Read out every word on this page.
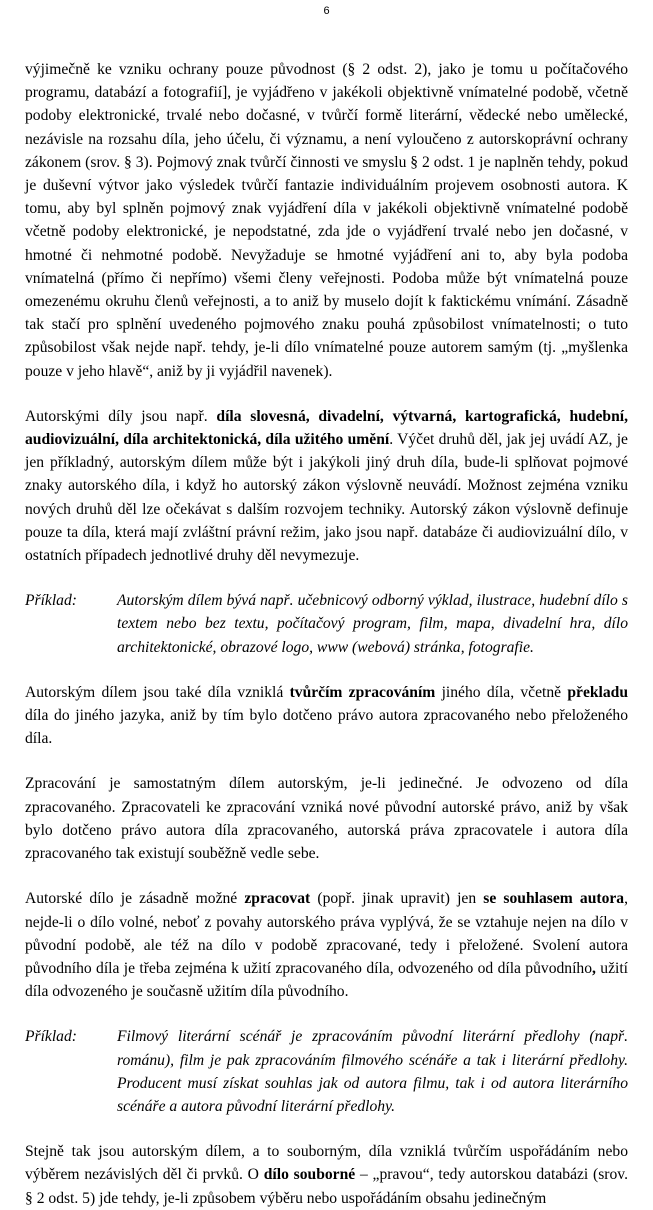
6

výjimečně ke vzniku ochrany pouze původnost (§ 2 odst. 2), jako je tomu u počítačového programu, databází a fotografií], je vyjádřeno v jakékoli objektivně vnímatelné podobě, včetně podoby elektronické, trvalé nebo dočasné, v tvůrčí formě literární, vědecké nebo umělecké, nezávisle na rozsahu díla, jeho účelu, či významu, a není vyloučeno z autorskoprávní ochrany zákonem (srov. § 3). Pojmový znak tvůrčí činnosti ve smyslu § 2 odst. 1 je naplněn tehdy, pokud je duševní výtvor jako výsledek tvůrčí fantazie individuálním projevem osobnosti autora. K tomu, aby byl splněn pojmový znak vyjádření díla v jakékoli objektivně vnímatelné podobě včetně podoby elektronické, je nepodstatné, zda jde o vyjádření trvalé nebo jen dočasné, v hmotné či nehmotné podobě. Nevyžaduje se hmotné vyjádření ani to, aby byla podoba vnímatelná (přímo či nepřímo) všemi členy veřejnosti. Podoba může být vnímatelná pouze omezenému okruhu členů veřejnosti, a to aniž by muselo dojít k faktickému vnímání. Zásadně tak stačí pro splnění uvedeného pojmového znaku pouhá způsobilost vnímatelnosti; o tuto způsobilost však nejde např. tehdy, je-li dílo vnímatelné pouze autorem samým (tj. „myšlenka pouze v jeho hlavě“, aniž by ji vyjádřil navenek).

Autorskými díly jsou např. díla slovesná, divadelní, výtvarná, kartografická, hudební, audiovizuální, díla architektonická, díla užitého umění. Výčet druhů děl, jak jej uvádí AZ, je jen příkladný, autorským dílem může být i jakýkoli jiný druh díla, bude-li splňovat pojmové znaky autorského díla, i když ho autorský zákon výslovně neuvádí. Možnost zejména vzniku nových druhů děl lze očekávat s dalším rozvojem techniky. Autorský zákon výslovně definuje pouze ta díla, která mají zvláštní právní režim, jako jsou např. databáze či audiovizuální dílo, v ostatních případech jednotlivé druhy děl nevymezuje.

Příklad:	Autorským dílem bývá např. učebnicový odborný výklad, ilustrace, hudební dílo s textem nebo bez textu, počítačový program, film, mapa, divadelní hra, dílo architektonické, obrazové logo, www (webová) stránka, fotografie.

Autorským dílem jsou také díla vzniklá tvůrčím zpracováním jiného díla, včetně překladu díla do jiného jazyka, aniž by tím bylo dotčeno právo autora zpracovaného nebo přeloženého díla.

Zpracování je samostatným dílem autorským, je-li jedinečné. Je odvozeno od díla zpracovaného. Zpracovateli ke zpracování vzniká nové původní autorské právo, aniž by však bylo dotčeno právo autora díla zpracovaného, autorská práva zpracovatele i autora díla zpracovaného tak existují souběžně vedle sebe.

Autorské dílo je zásadně možné zpracovat (popř. jinak upravit) jen se souhlasem autora, nejde-li o dílo volné, neboť z povahy autorského práva vyplývá, že se vztahuje nejen na dílo v původní podobě, ale též na dílo v podobě zpracované, tedy i přeložené. Svolení autora původního díla je třeba zejména k užití zpracovaného díla, odvozeného od díla původního, užití díla odvozeného je současně užitím díla původního.

Příklad:	Filmový literární scénář je zpracováním původní literární předlohy (např. románu), film je pak zpracováním filmového scénáře a tak i literární předlohy. Producent musí získat souhlas jak od autora filmu, tak i od autora literárního scénáře a autora původní literární předlohy.

Stejně tak jsou autorským dílem, a to souborným, díla vzniklá tvůrčím uspořádáním nebo výběrem nezávislých děl či prvků. O dílo souborné – „pravou“, tedy autorskou databázi (srov. § 2 odst. 5) jde tehdy, je-li způsobem výběru nebo uspořádáním obsahu jedinečným
